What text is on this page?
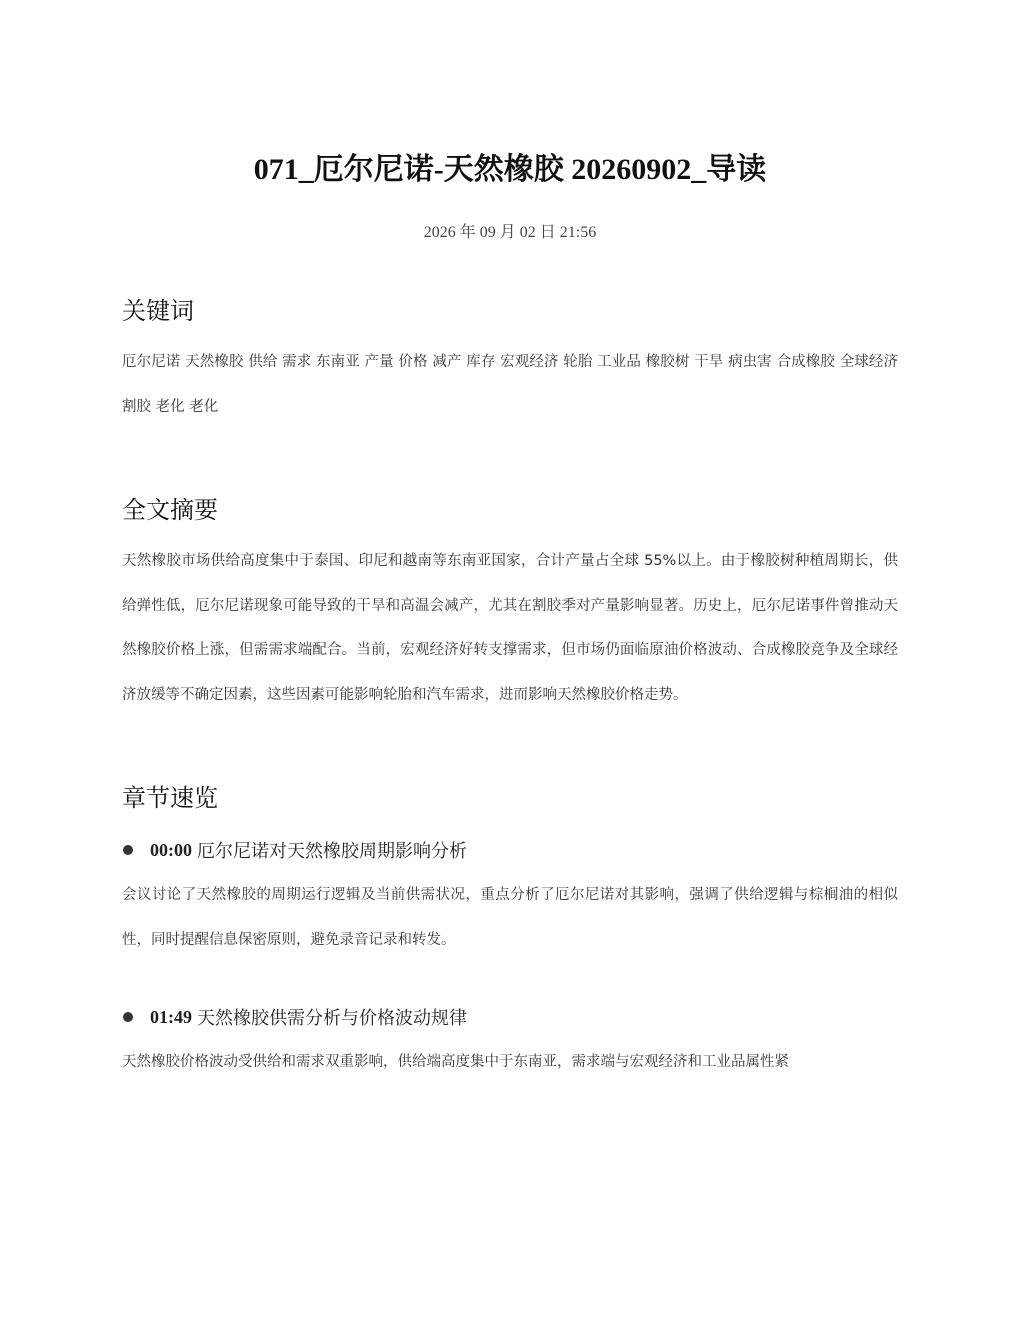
071_厄尔尼诺-天然橡胶 20260902_导读
2026 年 09 月 02 日 21:56
关键词

厄尔尼诺 天然橡胶 供给 需求 东南亚 产量 价格 减产 库存 宏观经济 轮胎 工业品 橡胶树 干旱 病虫害 合成橡胶 全球经济 割胶 老化 老化

全文摘要

天然橡胶市场供给高度集中于泰国、印尼和越南等东南亚国家，合计产量占全球 55%以上。由于橡胶树种植周期长，供给弹性低，厄尔尼诺现象可能导致的干旱和高温会减产，尤其在割胶季对产量影响显著。历史上，厄尔尼诺事件曾推动天然橡胶价格上涨，但需需求端配合。当前，宏观经济好转支撑需求，但市场仍面临原油价格波动、合成橡胶竞争及全球经济放缓等不确定因素，这些因素可能影响轮胎和汽车需求，进而影响天然橡胶价格走势。

章节速览
00:00 厄尔尼诺对天然橡胶周期影响分析

会议讨论了天然橡胶的周期运行逻辑及当前供需状况，重点分析了厄尔尼诺对其影响，强调了供给逻辑与棕榈油的相似性，同时提醒信息保密原则，避免录音记录和转发。

01:49 天然橡胶供需分析与价格波动规律

天然橡胶价格波动受供给和需求双重影响，供给端高度集中于东南亚，需求端与宏观经济和工业品属性紧
